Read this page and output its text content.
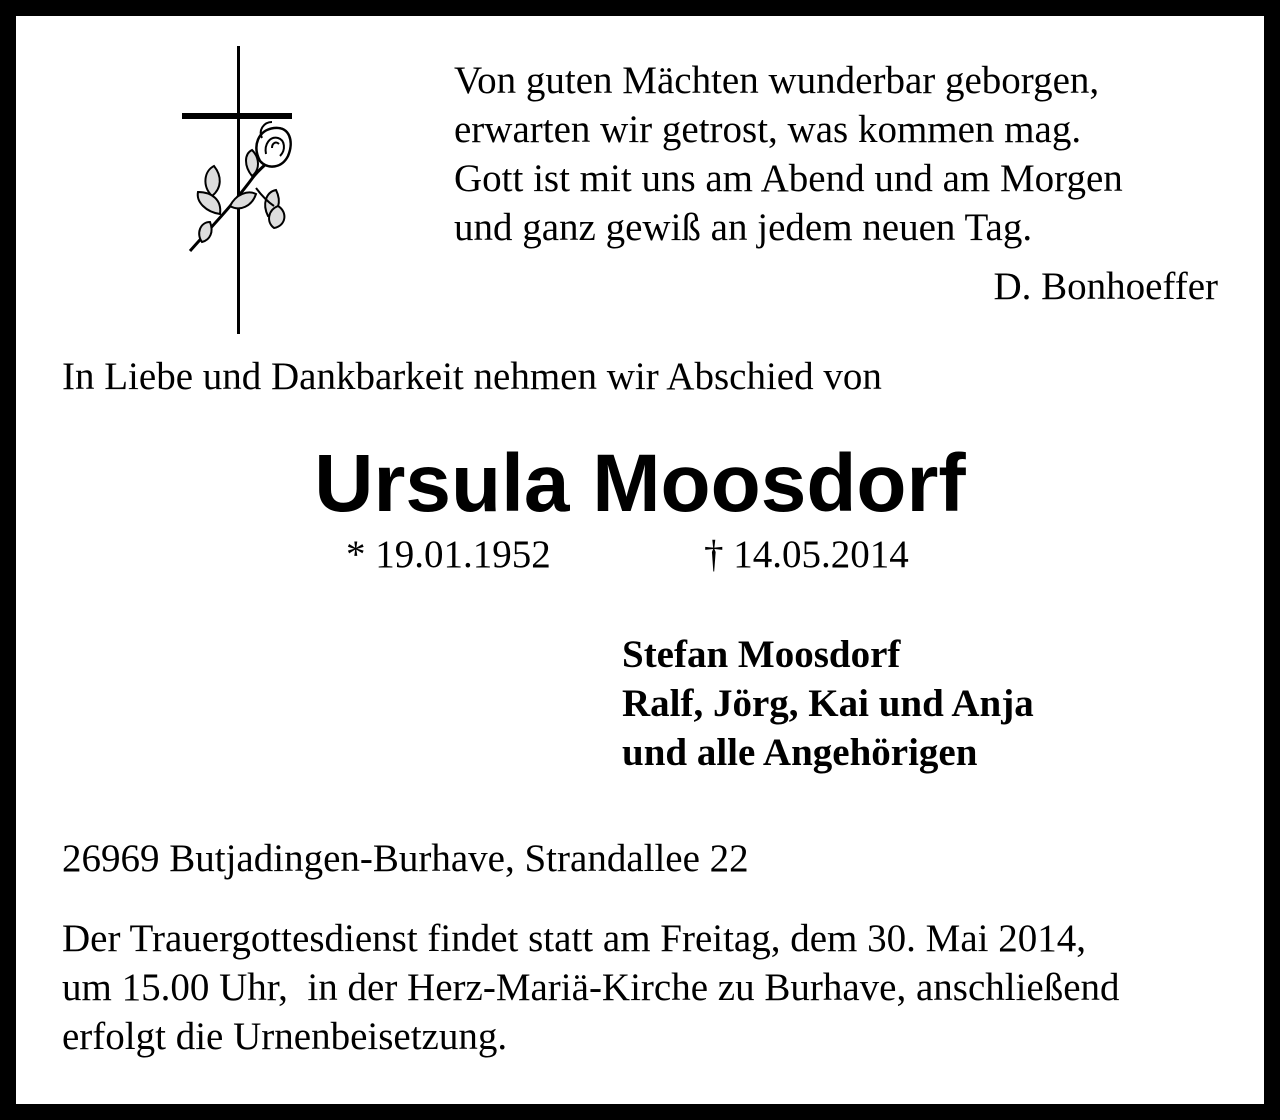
Von guten Mächten wunderbar geborgen,
erwarten wir getrost, was kommen mag.
Gott ist mit uns am Abend und am Morgen
und ganz gewiß an jedem neuen Tag.
D. Bonhoeffer
In Liebe und Dankbarkeit nehmen wir Abschied von
Ursula Moosdorf
* 19.01.1952	† 14.05.2014
Stefan Moosdorf
Ralf, Jörg, Kai und Anja
und alle Angehörigen
26969 Butjadingen-Burhave, Strandallee 22
Der Trauergottesdienst findet statt am Freitag, dem 30. Mai 2014,
um 15.00 Uhr,  in der Herz-Mariä-Kirche zu Burhave, anschließend
erfolgt die Urnenbeisetzung.
